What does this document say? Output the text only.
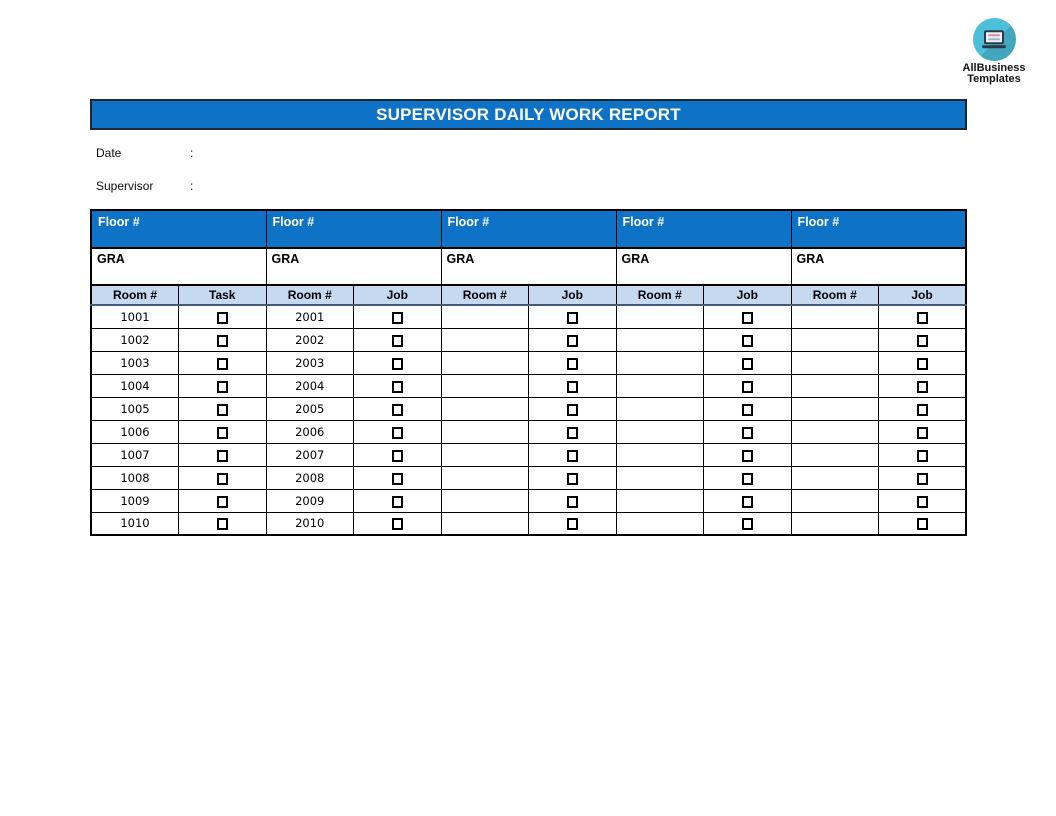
AllBusiness
Templates
SUPERVISOR DAILY WORK REPORT
Date	:
Supervisor	:
Floor #		Floor #		Floor #		Floor #		Floor #	
GRA		GRA		GRA		GRA		GRA	
Room #	Task	Room #	Job	Room #	Job	Room #	Job	Room #	Job
1001		2001							
1002		2002							
1003		2003							
1004		2004							
1005		2005							
1006		2006							
1007		2007							
1008		2008							
1009		2009							
1010		2010							
